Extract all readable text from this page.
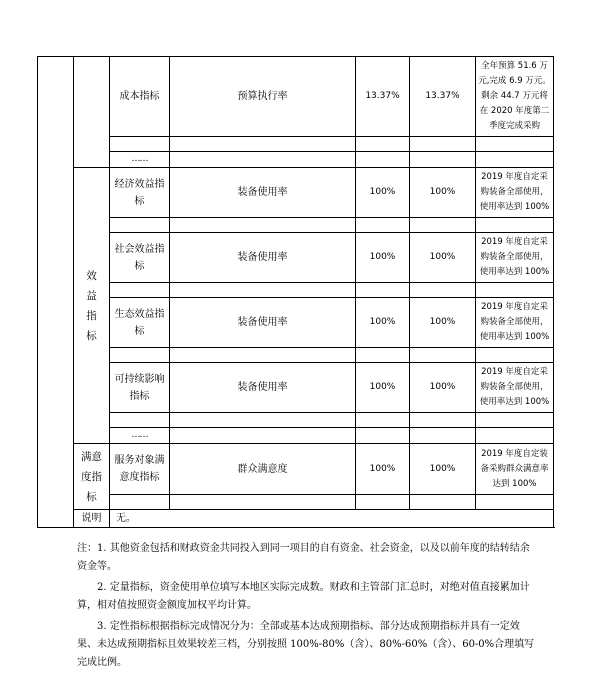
		成本指标	预算执行率	13.37%	13.37%	全年预算 51.6 万元,完成 6.9 万元。剩余 44.7 万元将在 2020 年度第二季度完成采购

		……				
	效益指标	经济效益指标	装备使用率	100%	100%	2019 年度自定采购装备全部使用，使用率达到 100%

		社会效益指标	装备使用率	100%	100%	2019 年度自定采购装备全部使用，使用率达到 100%

		生态效益指标	装备使用率	100%	100%	2019 年度自定采购装备全部使用，使用率达到 100%

		可持续影响指标	装备使用率	100%	100%	2019 年度自定采购装备全部使用，使用率达到 100%

		……				
	满意度指标	服务对象满意度指标	群众满意度	100%	100%	2019 年度自定装备采购群众满意率达到 100%

	说明	无。				

注：1. 其他资金包括和财政资金共同投入到同一项目的自有资金、社会资金，以及以前年度的结转结余资金等。

2. 定量指标，资金使用单位填写本地区实际完成数。财政和主管部门汇总时，对绝对值直接累加计算，相对值按照资金额度加权平均计算。

3. 定性指标根据指标完成情况分为：全部或基本达成预期指标、部分达成预期指标并具有一定效果、未达成预期指标且效果较差三档，分别按照 100%-80%（含）、80%-60%（含）、60-0%合理填写完成比例。
